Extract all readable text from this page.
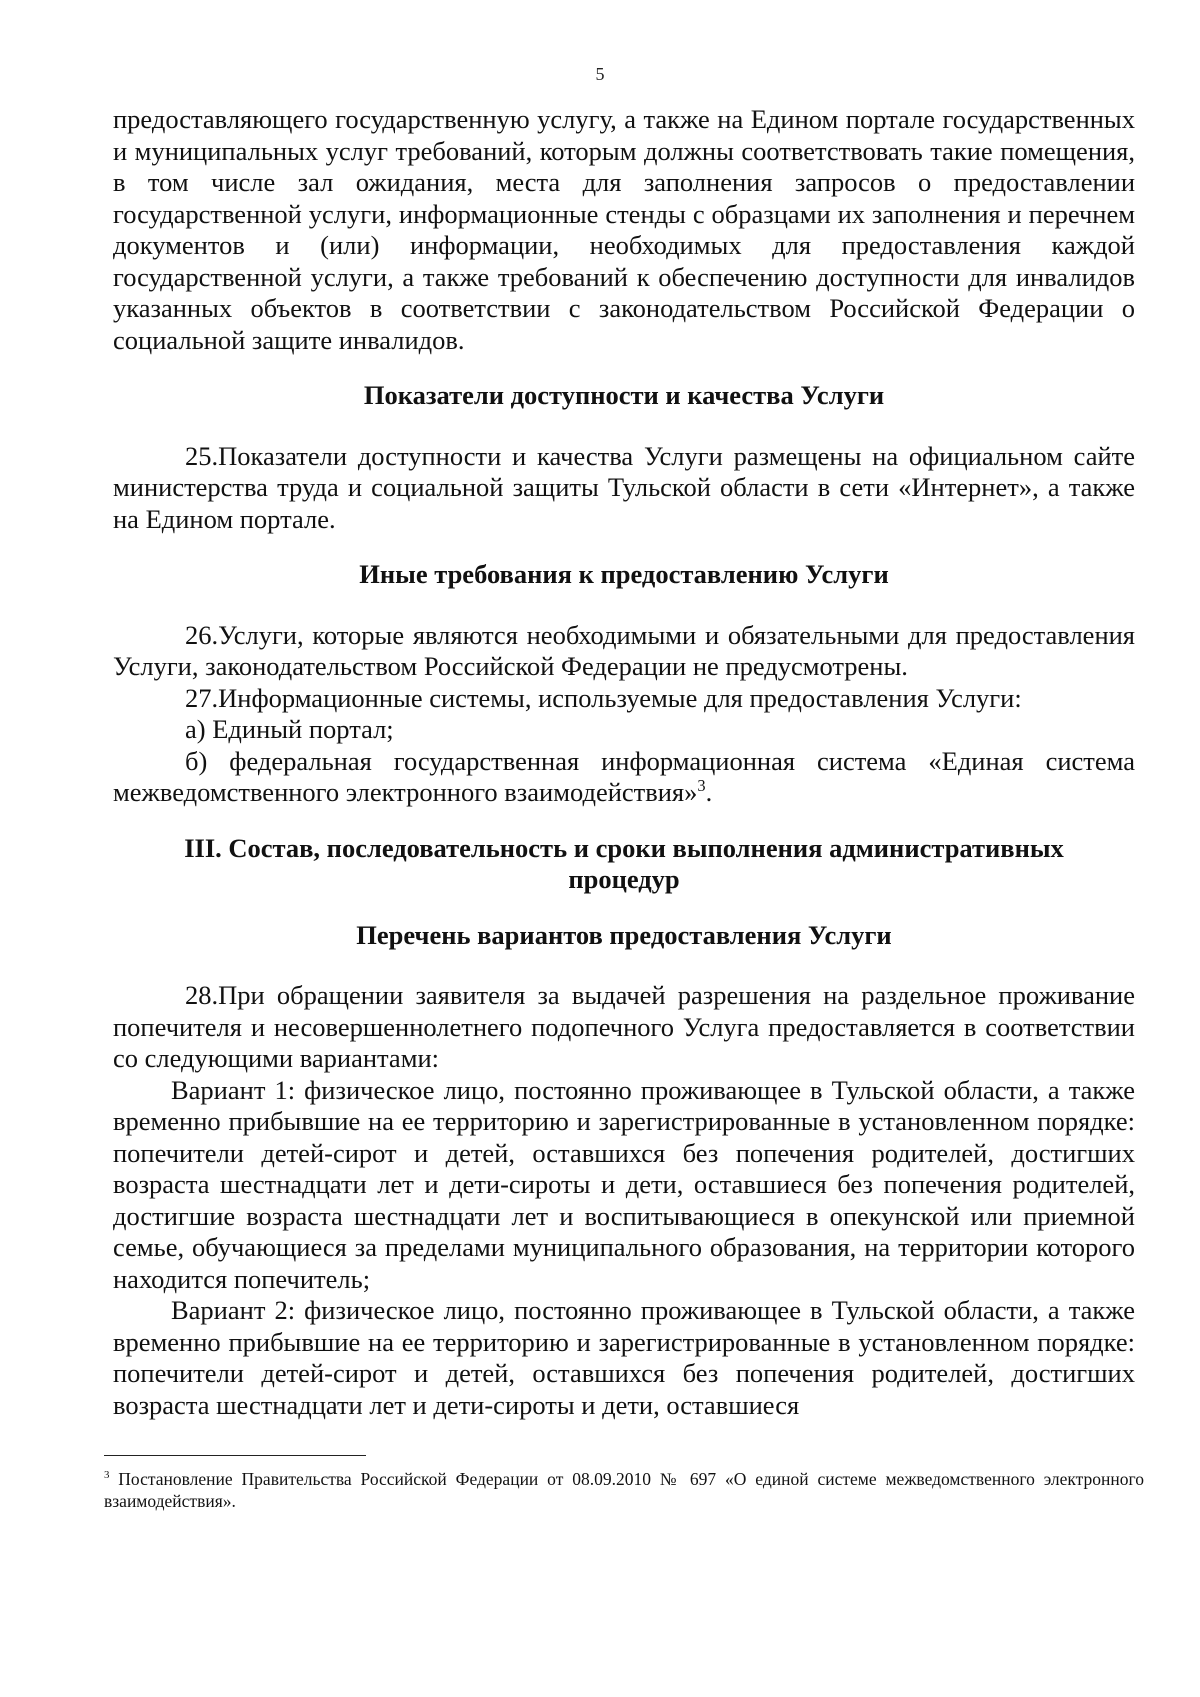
5

предоставляющего государственную услугу, а также на Едином портале государственных и муниципальных услуг требований, которым должны соответствовать такие помещения, в том числе зал ожидания, места для заполнения запросов о предоставлении государственной услуги, информационные стенды с образцами их заполнения и перечнем документов и (или) информации, необходимых для предоставления каждой государственной услуги, а также требований к обеспечению доступности для инвалидов указанных объектов в соответствии с законодательством Российской Федерации о социальной защите инвалидов.

Показатели доступности и качества Услуги

25.Показатели доступности и качества Услуги размещены на официальном сайте министерства труда и социальной защиты Тульской области в сети «Интернет», а также на Едином портале.

Иные требования к предоставлению Услуги

26.Услуги, которые являются необходимыми и обязательными для предоставления Услуги, законодательством Российской Федерации не предусмотрены.

27.Информационные системы, используемые для предоставления Услуги:

а) Единый портал;

б) федеральная государственная информационная система «Единая система межведомственного электронного взаимодействия»$^3$.

III. Состав, последовательность и сроки выполнения административных
процедур
Перечень вариантов предоставления Услуги

28.При обращении заявителя за выдачей разрешения на раздельное проживание попечителя и несовершеннолетнего подопечного Услуга предоставляется в соответствии со следующими вариантами:

Вариант 1: физическое лицо, постоянно проживающее в Тульской области, а также временно прибывшие на ее территорию и зарегистрированные в установленном порядке: попечители детей-сирот и детей, оставшихся без попечения родителей, достигших возраста шестнадцати лет и дети-сироты и дети, оставшиеся без попечения родителей, достигшие возраста шестнадцати лет и воспитывающиеся в опекунской или приемной семье, обучающиеся за пределами муниципального образования, на территории которого находится попечитель;

Вариант 2: физическое лицо, постоянно проживающее в Тульской области, а также временно прибывшие на ее территорию и зарегистрированные в установленном порядке: попечители детей-сирот и детей, оставшихся без попечения родителей, достигших возраста шестнадцати лет и дети-сироты и дети, оставшиеся

$^3$ Постановление Правительства Российской Федерации от 08.09.2010 № 697 «О единой системе межведомственного электронного взаимодействия».
